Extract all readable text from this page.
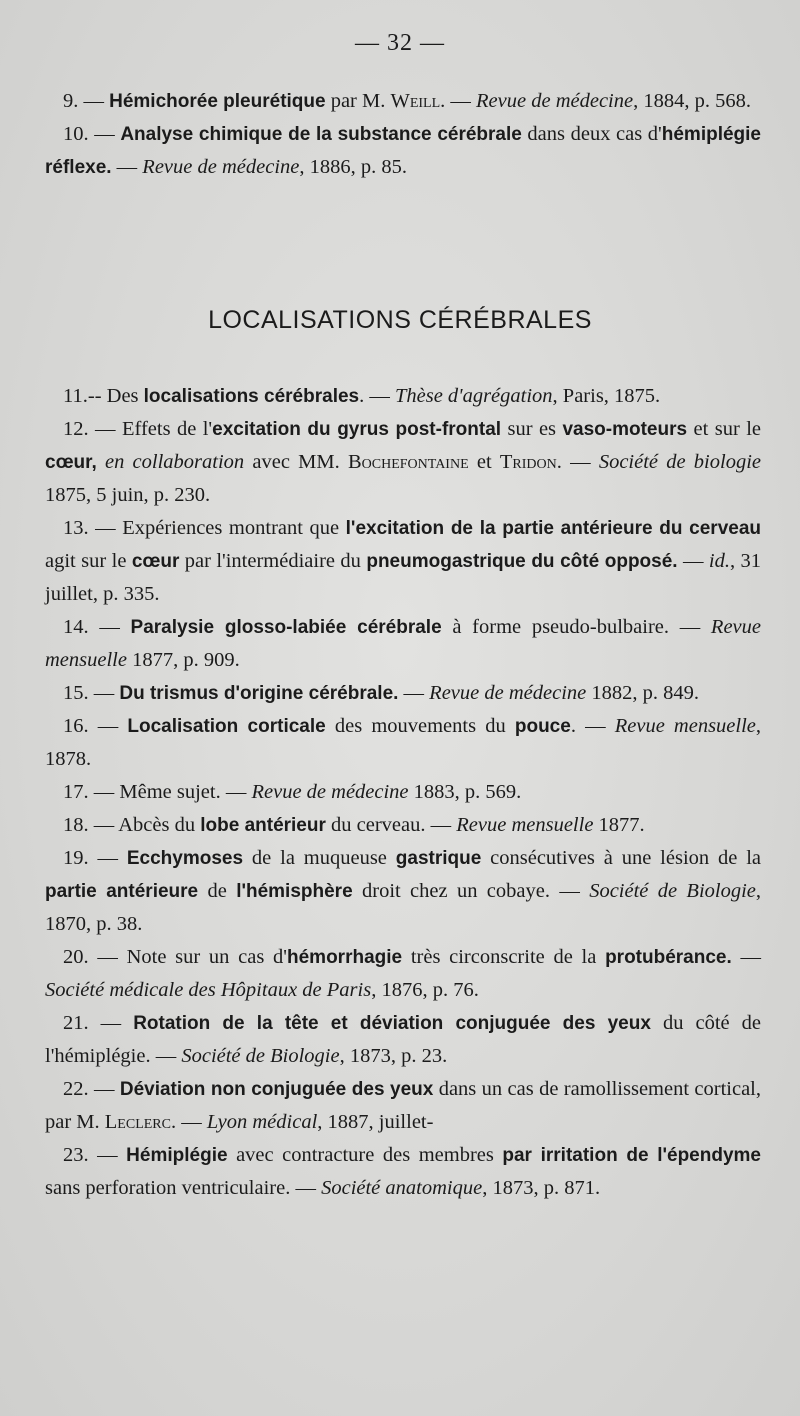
— 32 —

9. — Hémichorée pleurétique par M. Weill. — Revue de médecine, 1884, p. 568.

10. — Analyse chimique de la substance cérébrale dans deux cas d'hémiplégie réflexe. — Revue de médecine, 1886, p. 85.

LOCALISATIONS CÉRÉBRALES

11.-- Des localisations cérébrales. — Thèse d'agrégation, Paris, 1875.

12. — Effets de l'excitation du gyrus post-frontal sur es vaso-moteurs et sur le cœur, en collaboration avec MM. Bochefontaine et Tridon. — Société de biologie 1875, 5 juin, p. 230.

13. — Expériences montrant que l'excitation de la partie antérieure du cerveau agit sur le cœur par l'intermédiaire du pneumogastrique du côté opposé. — id., 31 juillet, p. 335.

14. — Paralysie glosso-labiée cérébrale à forme pseudo-bulbaire. — Revue mensuelle 1877, p. 909.

15. — Du trismus d'origine cérébrale. — Revue de médecine 1882, p. 849.

16. — Localisation corticale des mouvements du pouce. — Revue mensuelle, 1878.

17. — Même sujet. — Revue de médecine 1883, p. 569.

18. — Abcès du lobe antérieur du cerveau. — Revue mensuelle 1877.

19. — Ecchymoses de la muqueuse gastrique consécutives à une lésion de la partie antérieure de l'hémisphère droit chez un cobaye. — Société de Biologie, 1870, p. 38.

20. — Note sur un cas d'hémorrhagie très circonscrite de la protubérance. — Société médicale des Hôpitaux de Paris, 1876, p. 76.

21. — Rotation de la tête et déviation conjuguée des yeux du côté de l'hémiplégie. — Société de Biologie, 1873, p. 23.

22. — Déviation non conjuguée des yeux dans un cas de ramollissement cortical, par M. Leclerc. — Lyon médical, 1887, juillet-

23. — Hémiplégie avec contracture des membres par irritation de l'épendyme sans perforation ventriculaire. — Société anatomique, 1873, p. 871.
